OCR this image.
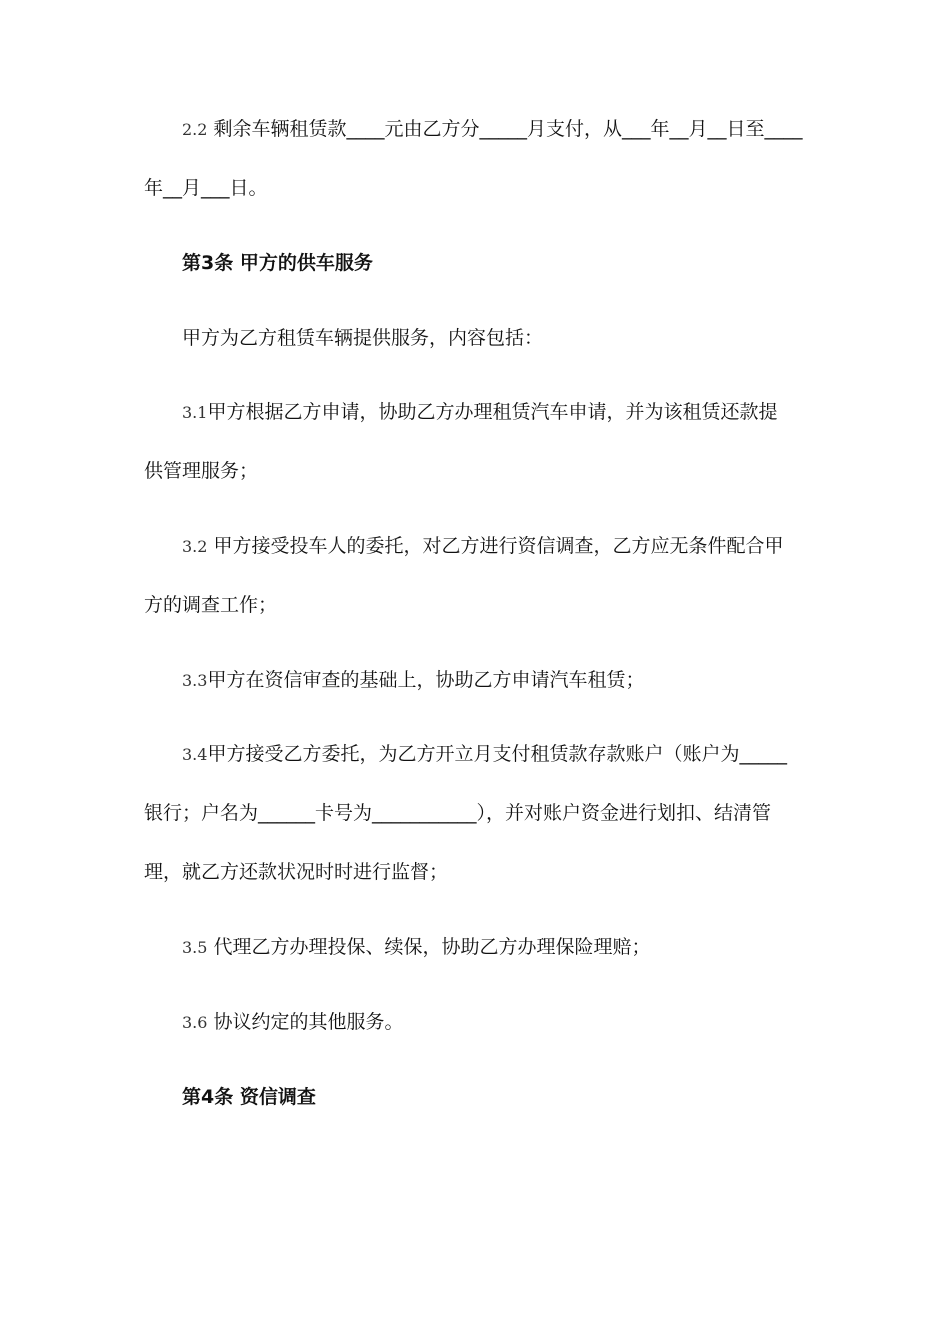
2.2 剩余车辆租赁款____元由乙方分_____月支付，从___年__月__日至____
年__月___日。
第3条 甲方的供车服务
甲方为乙方租赁车辆提供服务，内容包括：
3.1甲方根据乙方申请，协助乙方办理租赁汽车申请，并为该租赁还款提
供管理服务；
3.2 甲方接受投车人的委托，对乙方进行资信调查，乙方应无条件配合甲
方的调查工作；
3.3甲方在资信审查的基础上，协助乙方申请汽车租赁；
3.4甲方接受乙方委托，为乙方开立月支付租赁款存款账户（账户为_____
银行；户名为______卡号为___________），并对账户资金进行划扣、结清管
理，就乙方还款状况时时进行监督；
3.5 代理乙方办理投保、续保，协助乙方办理保险理赔；
3.6 协议约定的其他服务。
第4条 资信调查
